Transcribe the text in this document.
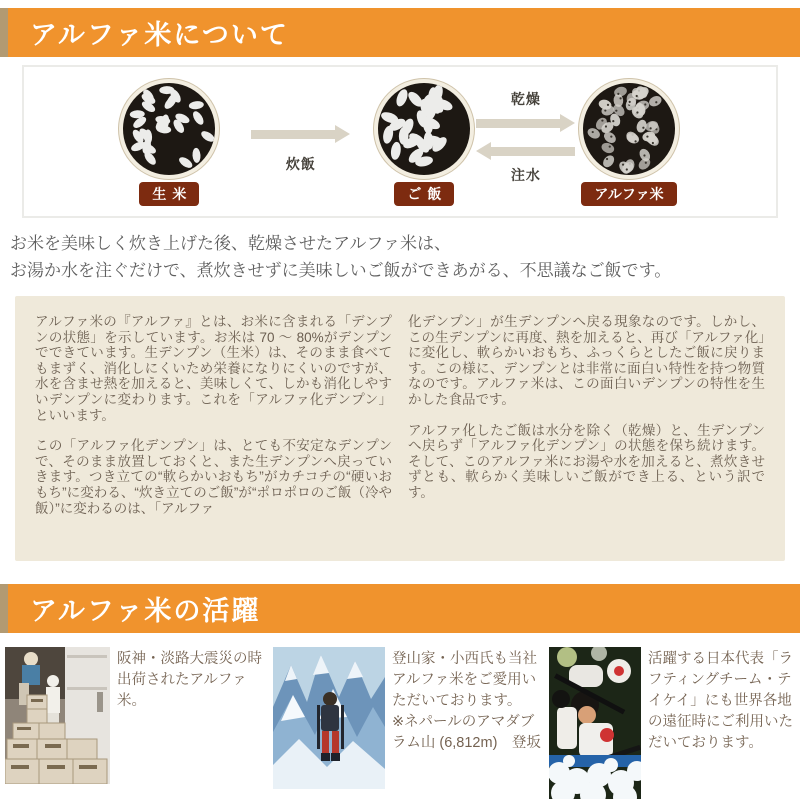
アルファ米について
生米
炊飯
ご飯
乾燥
注水
アルファ米
お米を美味しく炊き上げた後、乾燥させたアルファ米は、
お湯か水を注ぐだけで、煮炊きせずに美味しいご飯ができあがる、不思議なご飯です。

アルファ米の『アルファ』とは、お米に含まれる「デンプンの状態」を示しています。お米は 70 ～ 80%がデンプンでできています。生デンプン（生米）は、そのまま食べてもまずく、消化しにくいため栄養になりにくいのですが、水を含ませ熱を加えると、美味しくて、しかも消化しやすいデンプンに変わります。これを「アルファ化デンプン」といいます。

この「アルファ化デンプン」は、とても不安定なデンプンで、そのまま放置しておくと、また生デンプンへ戻っていきます。つき立ての“軟らかいおもち”がカチコチの“硬いおもち”に変わる、“炊き立てのご飯”が“ポロポロのご飯（冷や飯）”に変わるのは、「アルファ

化デンプン」が生デンプンへ戻る現象なのです。しかし、この生デンプンに再度、熱を加えると、再び「アルファ化」に変化し、軟らかいおもち、ふっくらとしたご飯に戻ります。この様に、デンプンとは非常に面白い特性を持つ物質なのです。アルファ米は、この面白いデンプンの特性を生かした食品です。

アルファ化したご飯は水分を除く（乾燥）と、生デンプンへ戻らず「アルファ化デンプン」の状態を保ち続けます。そして、このアルファ米にお湯や水を加えると、煮炊きせずとも、軟らかく美味しいご飯ができ上る、という訳です。

アルファ米の活躍
阪神・淡路大震災の時出荷されたアルファ米。
登山家・小西氏も当社アルファ米をご愛用いただいております。
※ネパールのアマダブラム山 (6,812m)　登坂
活躍する日本代表「ラフティングチーム・テイケイ」にも世界各地の遠征時にご利用いただいております。
